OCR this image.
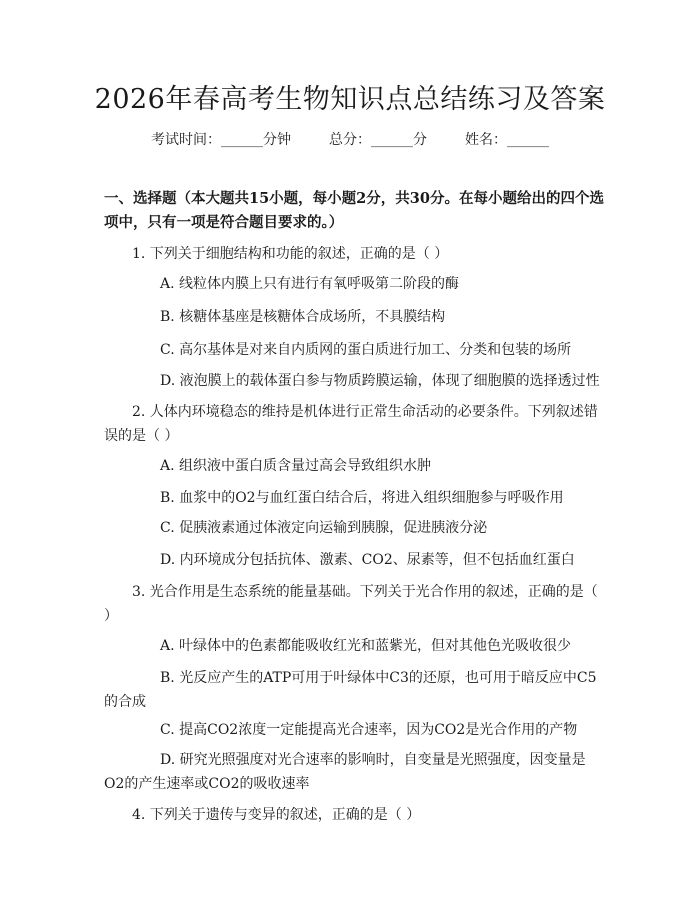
2026年春高考生物知识点总结练习及答案
考试时间：______分钟	总分：______分	姓名：______
一、选择题（本大题共15小题，每小题2分，共30分。在每小题给出的四个选项中，只有一项是符合题目要求的。）
1. 下列关于细胞结构和功能的叙述，正确的是（ ）
A. 线粒体内膜上只有进行有氧呼吸第二阶段的酶
B. 核糖体基座是核糖体合成场所，不具膜结构
C. 高尔基体是对来自内质网的蛋白质进行加工、分类和包装的场所
D. 液泡膜上的载体蛋白参与物质跨膜运输，体现了细胞膜的选择透过性
2. 人体内环境稳态的维持是机体进行正常生命活动的必要条件。下列叙述错误的是（ ）
A. 组织液中蛋白质含量过高会导致组织水肿
B. 血浆中的O2与血红蛋白结合后，将进入组织细胞参与呼吸作用
C. 促胰液素通过体液定向运输到胰腺，促进胰液分泌
D. 内环境成分包括抗体、激素、CO2、尿素等，但不包括血红蛋白
3. 光合作用是生态系统的能量基础。下列关于光合作用的叙述，正确的是（ ）
A. 叶绿体中的色素都能吸收红光和蓝紫光，但对其他色光吸收很少
B. 光反应产生的ATP可用于叶绿体中C3的还原，也可用于暗反应中C5的合成
C. 提高CO2浓度一定能提高光合速率，因为CO2是光合作用的产物
D. 研究光照强度对光合速率的影响时，自变量是光照强度，因变量是O2的产生速率或CO2的吸收速率
4. 下列关于遗传与变异的叙述，正确的是（ ）
